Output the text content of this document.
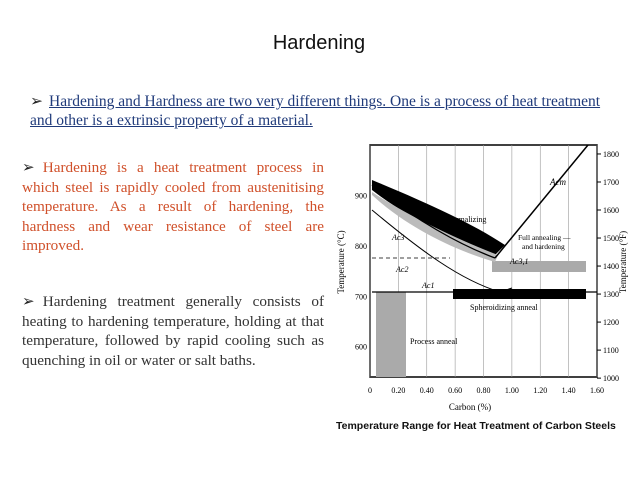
Hardening
➢ Hardening and Hardness are two very different things. One is a process of heat treatment and other is a extrinsic property of a material.
➢ Hardening is a heat treatment process in which steel is rapidly cooled from austenitising temperature. As a result of hardening, the hardness and wear resistance of steel are improved.
➢ Hardening treatment generally consists of heating to hardening temperature, holding at that temperature, followed by rapid cooling such as quenching in oil or water or salt baths.
Acm
Ac3
Ac2
Ac1
Ac3,1
Normalizing
Full annealing — and hardening
Spheroidizing anneal
Process anneal
0 0.20 0.40 0.60 0.80 1.00 1.20 1.40 1.60
600
700
800
900
1000
1100
1200
1300
1400
1500
1600
1700
1800
Carbon (%)
Temperature (°C)	Temperature (°F)
Temperature Range for Heat Treatment of Carbon Steels
